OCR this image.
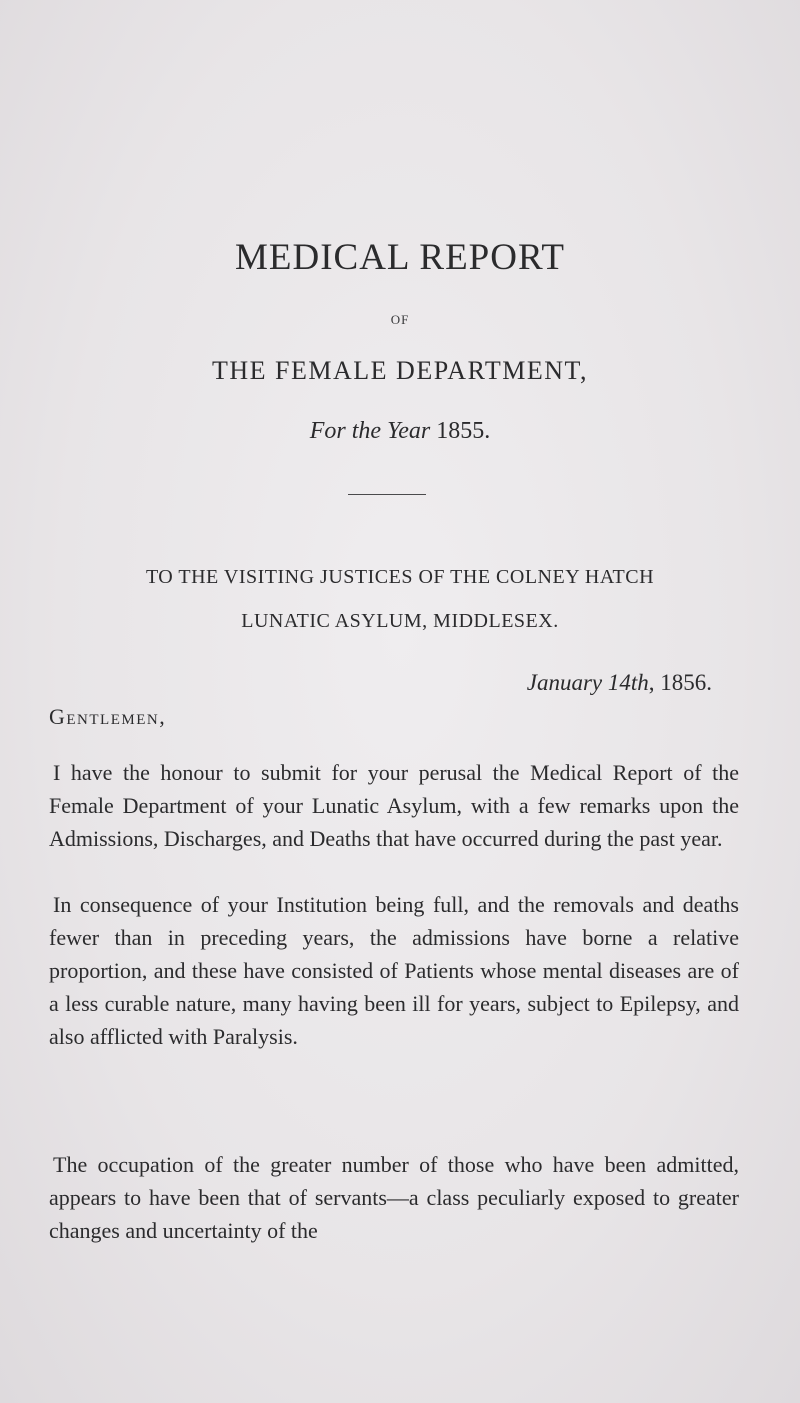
MEDICAL REPORT
OF
THE FEMALE DEPARTMENT,
For the Year 1855.
TO THE VISITING JUSTICES OF THE COLNEY HATCH
LUNATIC ASYLUM, MIDDLESEX.
January 14th, 1856.
Gentlemen,
I have the honour to submit for your perusal the Medical Report of the Female Department of your Lunatic Asylum, with a few remarks upon the Admissions, Discharges, and Deaths that have occurred during the past year.
In consequence of your Institution being full, and the removals and deaths fewer than in preceding years, the admissions have borne a relative proportion, and these have consisted of Patients whose mental diseases are of a less curable nature, many having been ill for years, subject to Epilepsy, and also afflicted with Paralysis.
The occupation of the greater number of those who have been admitted, appears to have been that of servants—a class peculiarly exposed to greater changes and uncertainty of the
